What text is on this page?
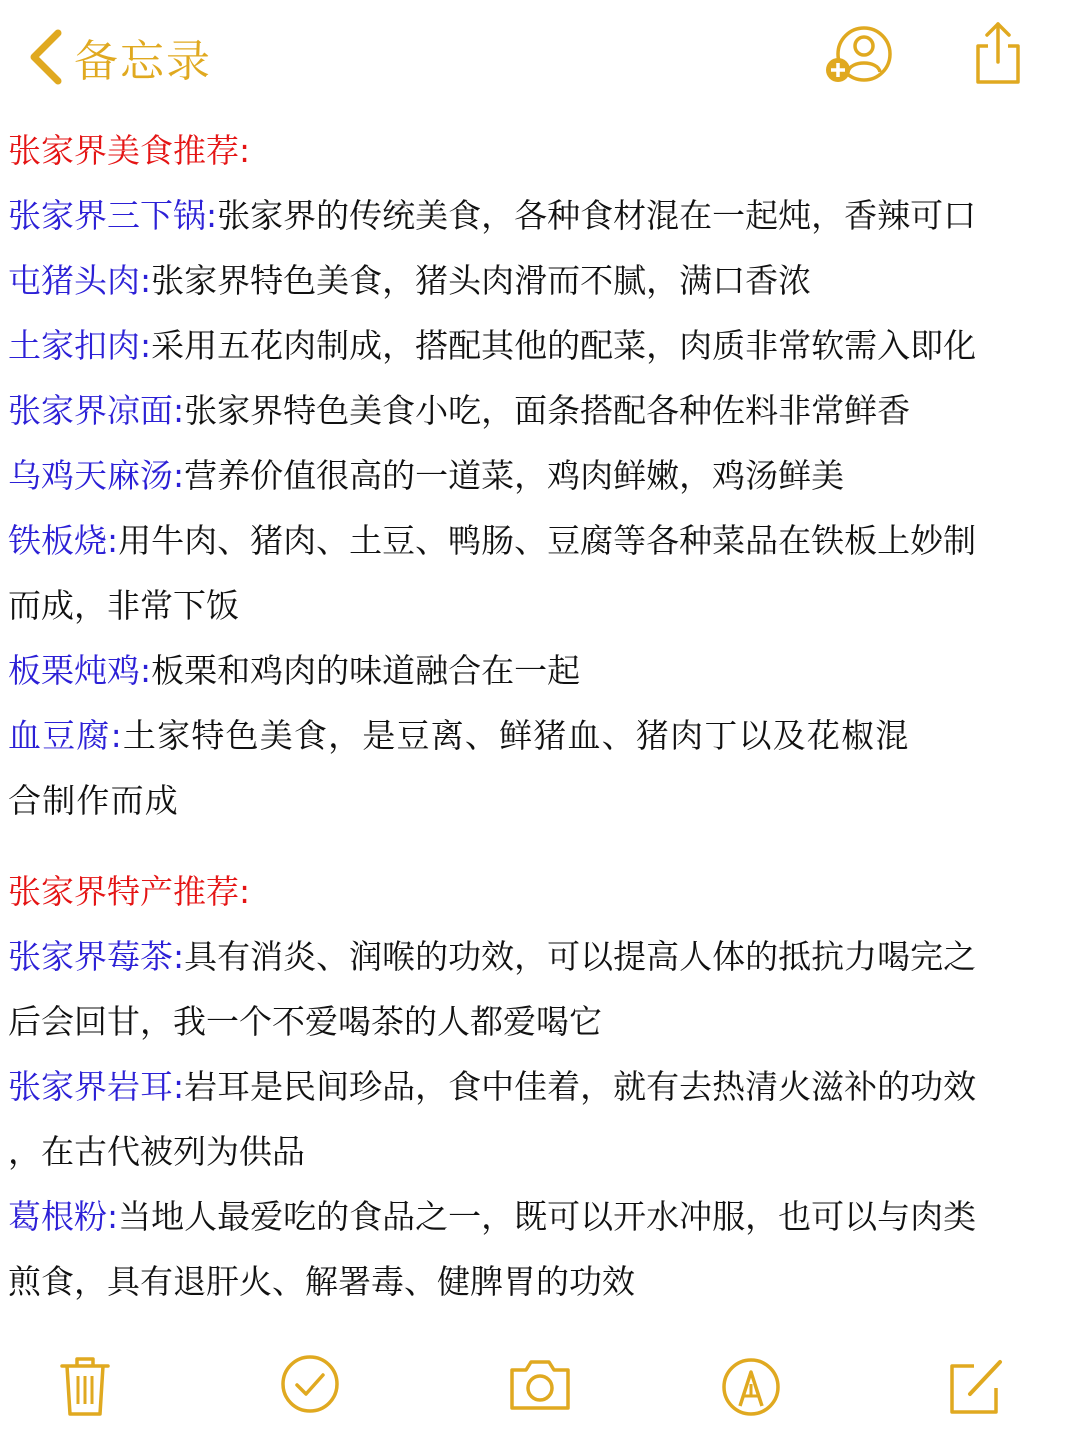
备忘录
张家界美食推荐:
张家界三下锅:张家界的传统美食，各种食材混在一起炖，香辣可口
屯猪头肉:张家界特色美食，猪头肉滑而不腻，满口香浓
土家扣肉:采用五花肉制成，搭配其他的配菜，肉质非常软需入即化
张家界凉面:张家界特色美食小吃，面条搭配各种佐料非常鲜香
乌鸡天麻汤:营养价值很高的一道菜，鸡肉鲜嫩，鸡汤鲜美
铁板烧:用牛肉、猪肉、土豆、鸭肠、豆腐等各种菜品在铁板上妙制
而成，非常下饭
板栗炖鸡:板栗和鸡肉的味道融合在一起
血豆腐:土家特色美食，是豆离、鲜猪血、猪肉丁以及花椒混
合制作而成
张家界特产推荐:
张家界莓茶:具有消炎、润喉的功效，可以提高人体的抵抗力喝完之
后会回甘，我一个不爱喝茶的人都爱喝它
张家界岩耳:岩耳是民间珍品，食中佳着，就有去热清火滋补的功效
，在古代被列为供品
葛根粉:当地人最爱吃的食品之一，既可以开水冲服，也可以与肉类
煎食，具有退肝火、解署毒、健脾胃的功效
